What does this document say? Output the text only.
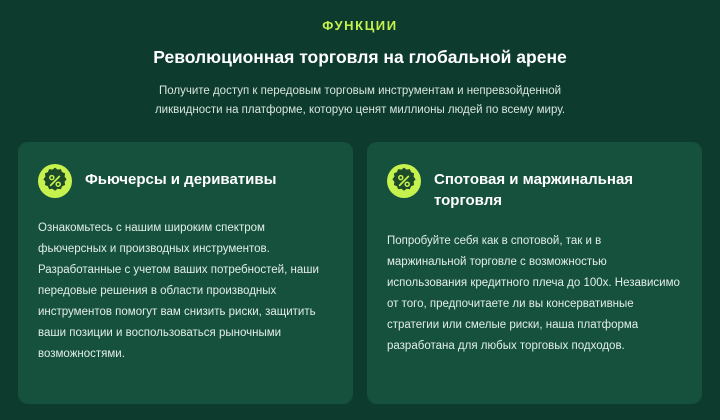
ФУНКЦИИ
Революционная торговля на глобальной арене

Получите доступ к передовым торговым инструментам и непревзойденной ликвидности на платформе, которую ценят миллионы людей по всему миру.

Фьючерсы и деривативы
Ознакомьтесь с нашим широким спектром фьючерсных и производных инструментов. Разработанные с учетом ваших потребностей, наши передовые решения в области производных инструментов помогут вам снизить риски, защитить ваши позиции и воспользоваться рыночными возможностями.
Спотовая и маржинальная торговля
Попробуйте себя как в спотовой, так и в маржинальной торговле с возможностью использования кредитного плеча до 100x. Независимо от того, предпочитаете ли вы консервативные стратегии или смелые риски, наша платформа разработана для любых торговых подходов.
